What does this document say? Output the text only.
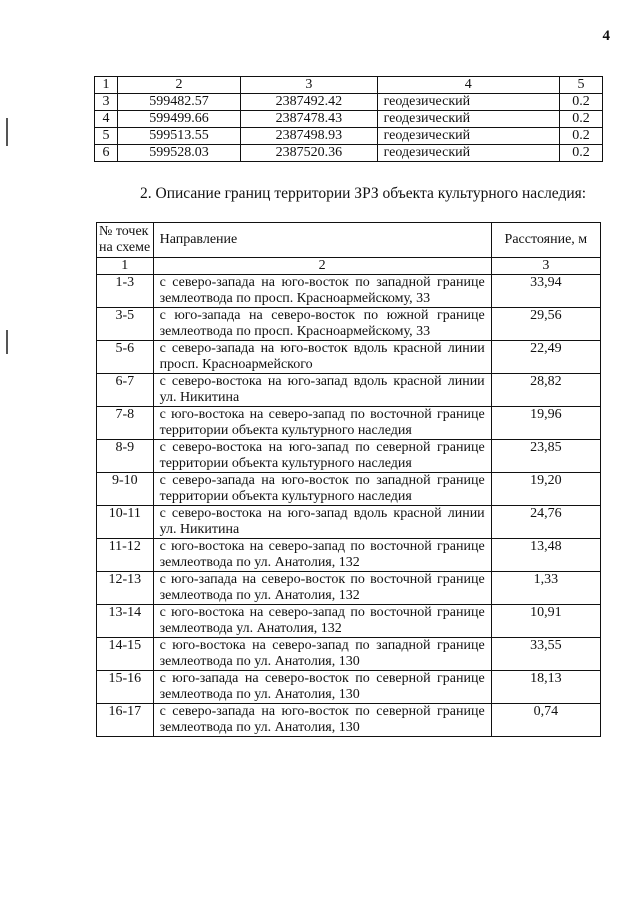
4
1	2	3	4	5
3	599482.57	2387492.42	геодезический	0.2
4	599499.66	2387478.43	геодезический	0.2
5	599513.55	2387498.93	геодезический	0.2
6	599528.03	2387520.36	геодезический	0.2
2. Описание границ территории ЗРЗ объекта культурного наследия:
№ точек на схеме	Направление	Расстояние, м
1	2	3
1-3	с северо-запада на юго-восток по западной границе землеотвода по просп. Красноармейскому, 33	33,94
3-5	с юго-запада на северо-восток по южной границе землеотвода по просп. Красноармейскому, 33	29,56
5-6	с северо-запада на юго-восток вдоль красной линии просп. Красноармейского	22,49
6-7	с северо-востока на юго-запад вдоль красной линии ул. Никитина	28,82
7-8	с юго-востока на северо-запад по восточной границе территории объекта культурного наследия	19,96
8-9	с северо-востока на юго-запад по северной границе территории объекта культурного наследия	23,85
9-10	с северо-запада на юго-восток по западной границе территории объекта культурного наследия	19,20
10-11	с северо-востока на юго-запад вдоль красной линии ул. Никитина	24,76
11-12	с юго-востока на северо-запад по восточной границе землеотвода по ул. Анатолия, 132	13,48
12-13	с юго-запада на северо-восток по восточной границе землеотвода по ул. Анатолия, 132	1,33
13-14	с юго-востока на северо-запад по восточной границе землеотвода ул. Анатолия, 132	10,91
14-15	с юго-востока на северо-запад по западной границе землеотвода по ул. Анатолия, 130	33,55
15-16	с юго-запада на северо-восток по северной границе землеотвода по ул. Анатолия, 130	18,13
16-17	с северо-запада на юго-восток по северной границе землеотвода по ул. Анатолия, 130	0,74
